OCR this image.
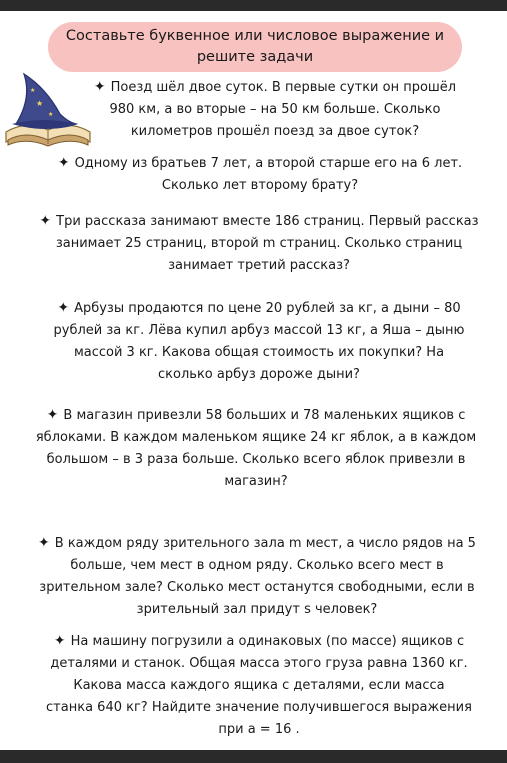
Составьте буквенное или числовое выражение и
решите задачи
★
★
★	✦ Поезд шёл двое суток. В первые сутки он прошёл
980 км, а во вторые – на 50 км больше. Сколько
километров прошёл поезд за двое суток?
✦ Одному из братьев 7 лет, а второй старше его на 6 лет.
Сколько лет второму брату?
✦ Три рассказа занимают вместе 186 страниц. Первый рассказ
занимает 25 страниц, второй m страниц. Сколько страниц
занимает третий рассказ?
✦ Арбузы продаются по цене 20 рублей за кг, а дыни – 80
рублей за кг. Лёва купил арбуз массой 13 кг, а Яша – дыню
массой 3 кг. Какова общая стоимость их покупки? На
сколько арбуз дороже дыни?
✦ В магазин привезли 58 больших и 78 маленьких ящиков с
яблоками. В каждом маленьком ящике 24 кг яблок, а в каждом
большом – в 3 раза больше. Сколько всего яблок привезли в
магазин?
✦ В каждом ряду зрительного зала m мест, а число рядов на 5
больше, чем мест в одном ряду. Сколько всего мест в
зрительном зале? Сколько мест останутся свободными, если в
зрительный зал придут s человек?
✦ На машину погрузили a одинаковых (по массе) ящиков с
деталями и станок. Общая масса этого груза равна 1360 кг.
Какова масса каждого ящика с деталями, если масса
станка 640 кг? Найдите значение получившегося выражения
при a = 16 .
